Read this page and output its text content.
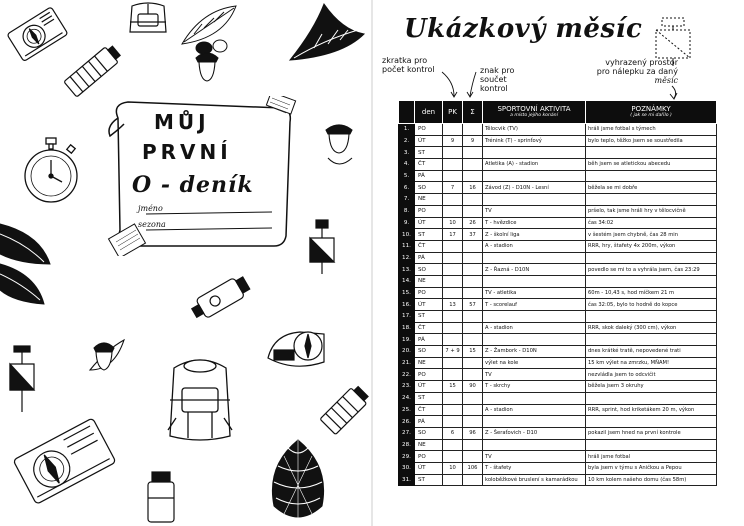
MŮJ
PRVNÍ
O - deník
jméno
sezona
Ukázkový měsíc
zkratka pro
počet kontrol	znak pro
součet
kontrol
vyhrazený prostor
pro nálepku za daný
měsíc
	den	PK	Σ	SPORTOVNÍ AKTIVITA
a místo jejího konání	POZNÁMKY
( jak se mi dařilo )

1.	PO			Tělocvik (TV)	hráli jsme fotbal s týmech
2.	ÚT	9	9	Trénink (T) - sprinťový	bylo teplo, těžko jsem se soustředila
3.	ST				
4.	ČT			Atletika (A) - stadion	běh jsem se atletickou abecedu
5.	PÁ				
6.	SO	7	16	Závod (Z) - D10N - Lesní	běžela se mi dobře
7.	NE				
8.	PO			TV	pršelo, tak jsme hráli hry v tělocvičně
9.	ÚT	10	26	T - hvězdice	čas 34:02
10.	ST	17	37	Z - školní liga	v šestém jsem chybně, čas 28 min
11.	ČT			A - stadion	RRR, hry, štafety 4x 200m, výkon
12.	PÁ				
13.	SO			Z - Řazná - D10N	povedlo se mi to a vyhrála jsem, čas 23:29
14.	NE				
15.	PO			TV - atletika	60m - 10,43 s, hod míčkem 21 m
16.	ÚT	13	57	T - scorelauf	čas 32:05, bylo to hodně do kopce
17.	ST				
18.	ČT			A - stadion	RRR, skok daleký (300 cm), výkon
19.	PÁ				
20.	SO	7 + 9	15	Z - Žambork - D10N	dnes krátké tratě, nepovedené trati
21.	NE			výlet na kole	15 km výlet na zmrzku, MŇAM!
22.	PO			TV	nezvládla jsem to odcvičit
23.	ÚT	15	90	T - skrchy	běžela jsem 3 okruhy
24.	ST				
25.	ČT			A - stadion	RRR, sprint, hod kriketákem 20 m, výkon
26.	PÁ				
27.	SO	6	96	Z - Šeraťovich - D10	pokazil jsem hned na první kontrole
28.	NE				
29.	PO			TV	hráli jsme fotbal
30.	ÚT	10	106	T - štafety	byla jsem v týmu s Aničkou a Pepou
31.	ST			koloběžkové bruslení s kamarádkou	10 km kolem našeho domu (čas 58m)
